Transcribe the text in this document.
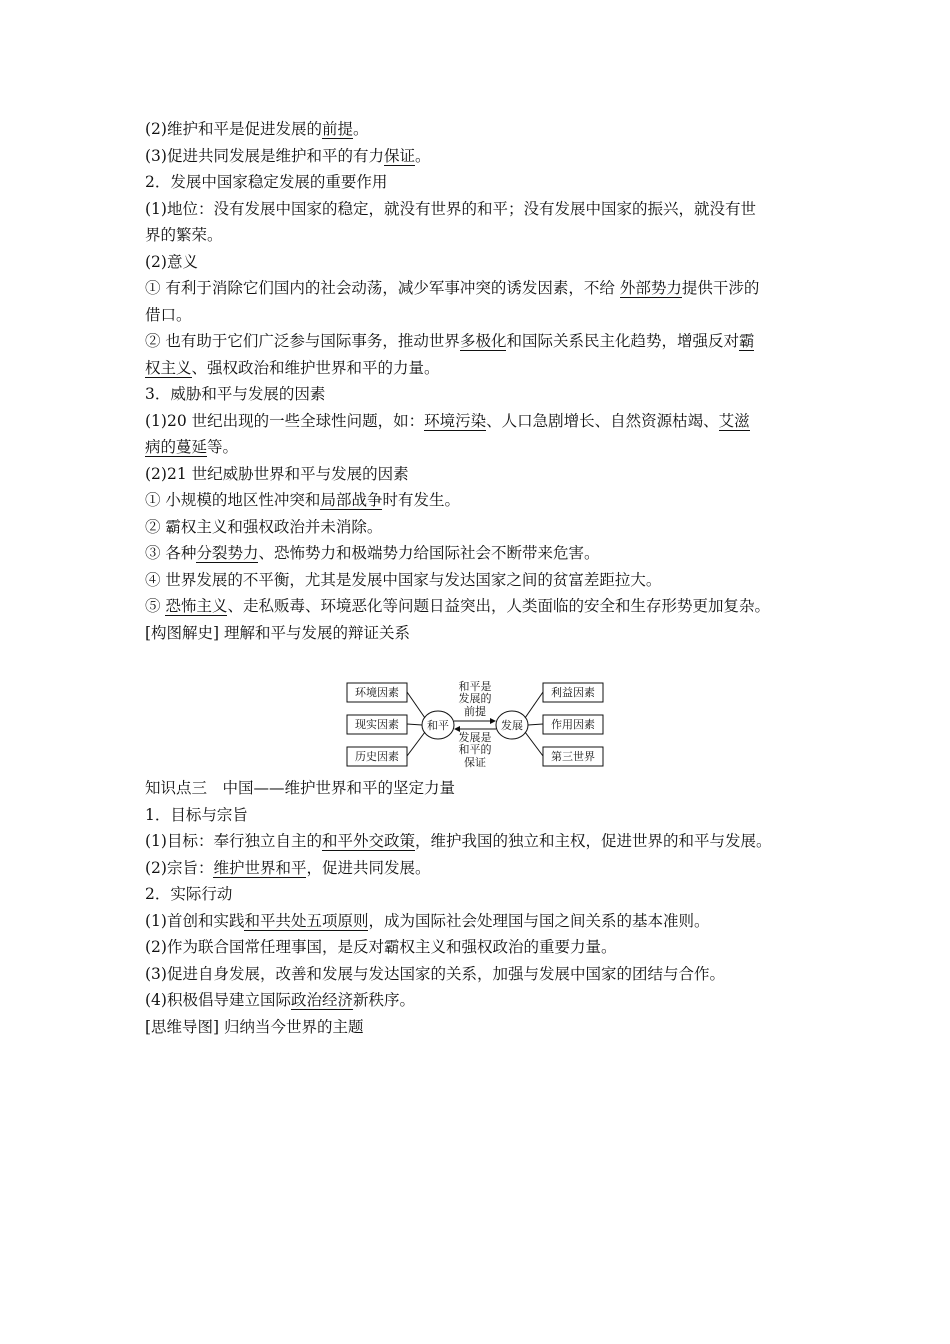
(2)维护和平是促进发展的前提。
(3)促进共同发展是维护和平的有力保证。
2．发展中国家稳定发展的重要作用
(1)地位：没有发展中国家的稳定，就没有世界的和平；没有发展中国家的振兴，就没有世
界的繁荣。
(2)意义
① 有利于消除它们国内的社会动荡，减少军事冲突的诱发因素，不给 外部势力提供干涉的
借口。
② 也有助于它们广泛参与国际事务，推动世界多极化和国际关系民主化趋势，增强反对霸
权主义、强权政治和维护世界和平的力量。
3．威胁和平与发展的因素
(1)20 世纪出现的一些全球性问题，如：环境污染、人口急剧增长、自然资源枯竭、艾滋
病的蔓延等。
(2)21 世纪威胁世界和平与发展的因素
① 小规模的地区性冲突和局部战争时有发生。
② 霸权主义和强权政治并未消除。
③ 各种分裂势力、恐怖势力和极端势力给国际社会不断带来危害。
④ 世界发展的不平衡，尤其是发展中国家与发达国家之间的贫富差距拉大。
⑤ 恐怖主义、走私贩毒、环境恶化等问题日益突出，人类面临的安全和生存形势更加复杂。
[构图解史] 理解和平与发展的辩证关系
环境因素
现实因素
历史因素
利益因素
作用因素
第三世界
和平	发展
和平是
发展的
前提
发展是
和平的
保证
知识点三　中国——维护世界和平的坚定力量
1．目标与宗旨
(1)目标：奉行独立自主的和平外交政策，维护我国的独立和主权，促进世界的和平与发展。
(2)宗旨：维护世界和平，促进共同发展。
2．实际行动
(1)首创和实践和平共处五项原则，成为国际社会处理国与国之间关系的基本准则。
(2)作为联合国常任理事国，是反对霸权主义和强权政治的重要力量。
(3)促进自身发展，改善和发展与发达国家的关系，加强与发展中国家的团结与合作。
(4)积极倡导建立国际政治经济新秩序。
[思维导图] 归纳当今世界的主题
